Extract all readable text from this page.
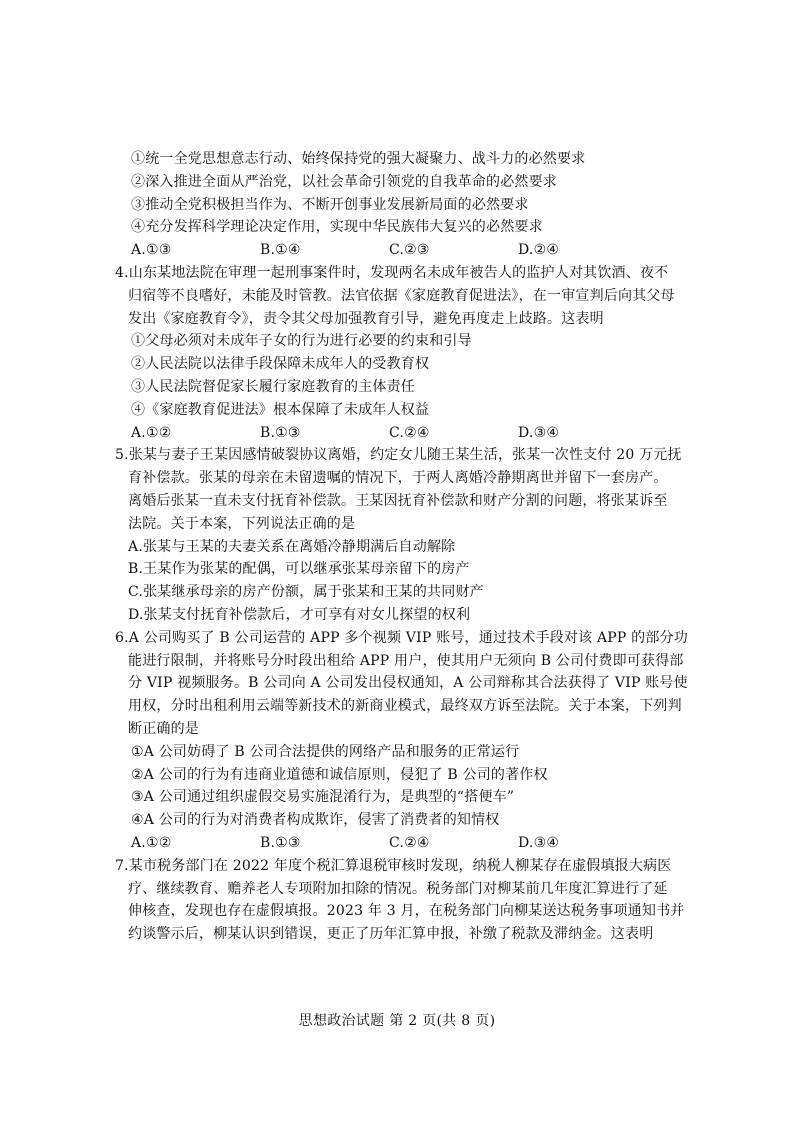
①统一全党思想意志行动、始终保持党的强大凝聚力、战斗力的必然要求
②深入推进全面从严治党，以社会革命引领党的自我革命的必然要求
③推动全党积极担当作为、不断开创事业发展新局面的必然要求
④充分发挥科学理论决定作用，实现中华民族伟大复兴的必然要求
A.①③	B.①④	C.②③	D.②④
4.山东某地法院在审理一起刑事案件时，发现两名未成年被告人的监护人对其饮酒、夜不
归宿等不良嗜好，未能及时管教。法官依据《家庭教育促进法》，在一审宣判后向其父母
发出《家庭教育令》，责令其父母加强教育引导，避免再度走上歧路。这表明
①父母必须对未成年子女的行为进行必要的约束和引导
②人民法院以法律手段保障未成年人的受教育权
③人民法院督促家长履行家庭教育的主体责任
④《家庭教育促进法》根本保障了未成年人权益
A.①②	B.①③	C.②④	D.③④
5.张某与妻子王某因感情破裂协议离婚，约定女儿随王某生活，张某一次性支付 20 万元抚
育补偿款。张某的母亲在未留遗嘱的情况下，于两人离婚冷静期离世并留下一套房产。
离婚后张某一直未支付抚育补偿款。王某因抚育补偿款和财产分割的问题，将张某诉至
法院。关于本案，下列说法正确的是
A.张某与王某的夫妻关系在离婚冷静期满后自动解除
B.王某作为张某的配偶，可以继承张某母亲留下的房产
C.张某继承母亲的房产份额，属于张某和王某的共同财产
D.张某支付抚育补偿款后，才可享有对女儿探望的权利
6.A 公司购买了 B 公司运营的 APP 多个视频 VIP 账号，通过技术手段对该 APP 的部分功
能进行限制，并将账号分时段出租给 APP 用户，使其用户无须向 B 公司付费即可获得部
分 VIP 视频服务。B 公司向 A 公司发出侵权通知，A 公司辩称其合法获得了 VIP 账号使
用权，分时出租利用云端等新技术的新商业模式，最终双方诉至法院。关于本案，下列判
断正确的是
①A 公司妨碍了 B 公司合法提供的网络产品和服务的正常运行
②A 公司的行为有违商业道德和诚信原则，侵犯了 B 公司的著作权
③A 公司通过组织虚假交易实施混淆行为，是典型的“搭便车”
④A 公司的行为对消费者构成欺诈，侵害了消费者的知情权
A.①②	B.①③	C.②④	D.③④
7.某市税务部门在 2022 年度个税汇算退税审核时发现，纳税人柳某存在虚假填报大病医
疗、继续教育、赡养老人专项附加扣除的情况。税务部门对柳某前几年度汇算进行了延
伸核查，发现也存在虚假填报。2023 年 3 月，在税务部门向柳某送达税务事项通知书并
约谈警示后，柳某认识到错误，更正了历年汇算申报，补缴了税款及滞纳金。这表明
思想政治试题 第 2 页(共 8 页)
